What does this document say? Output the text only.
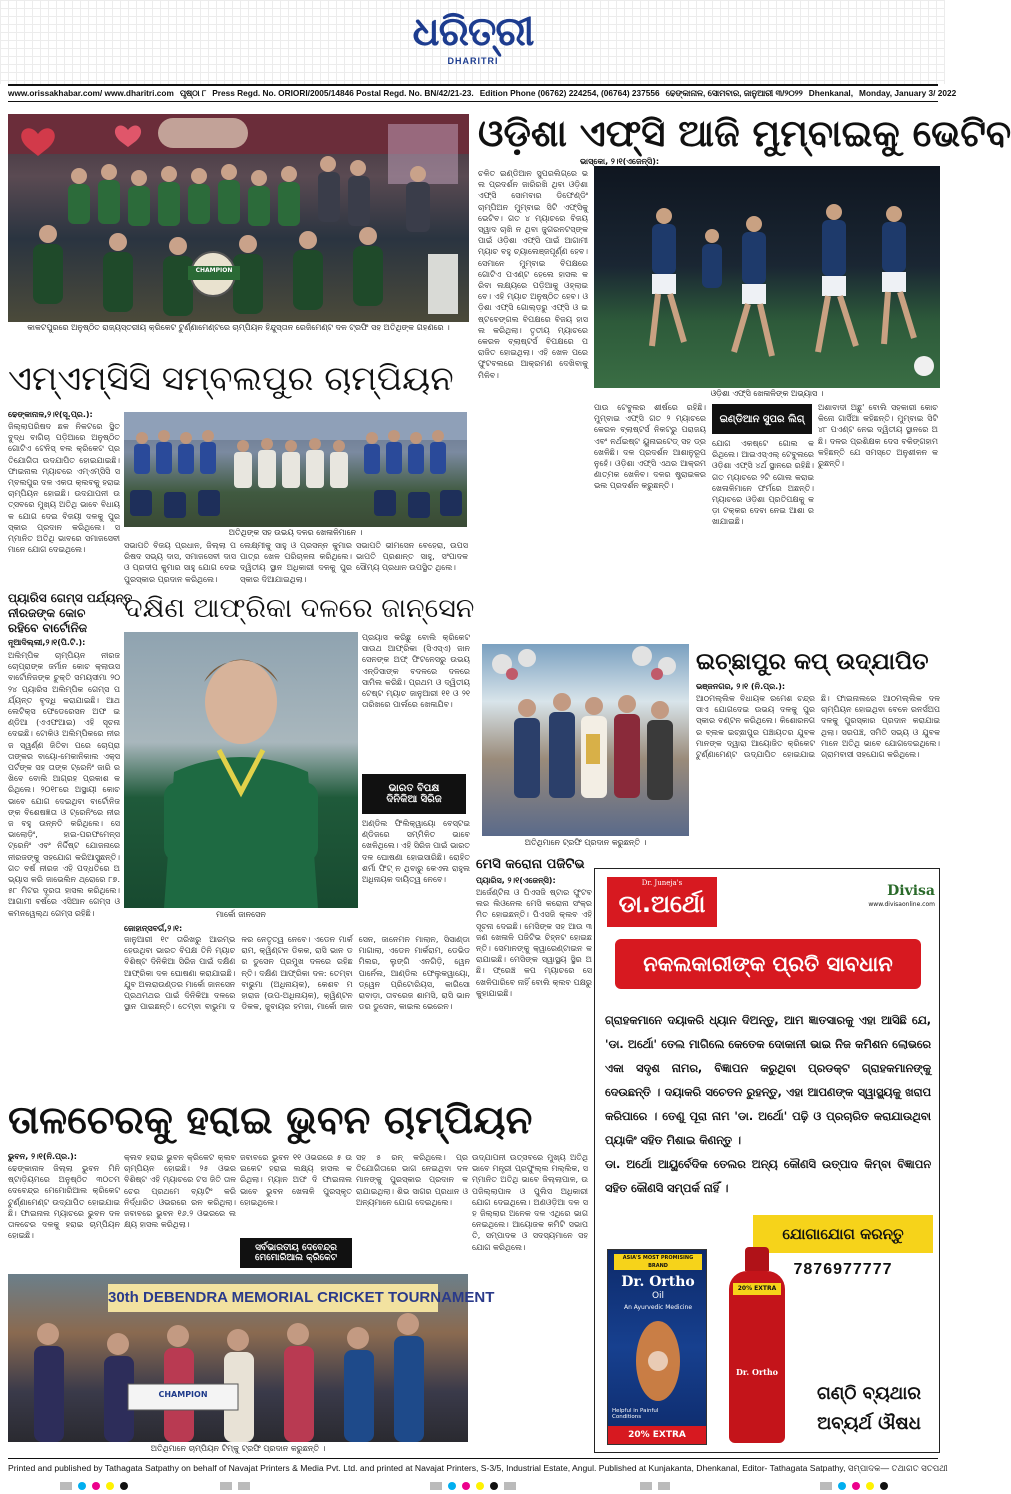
ଧରିତ୍ରୀ
DHARITRI
www.orissakhabar.com/ www.dharitri.com ପୃଷ୍ଠା ୮ Press Regd. No. ORIORI/2005/14846 Postal Regd. No. BN/42/21-23. Edition Phone (06762) 224254, (06764) 237556 ଢେଙ୍କାନାଳ, ସୋମବାର, ଜାନୁଆରୀ ୩/୨୦୨୨ Dhenkanal, Monday, January 3/ 2022
CHAMPION
କାକଟପୁରରେ ଅନୁଷ୍ଠିତ ରାଜ୍ୟସ୍ତରୀୟ କ୍ରିକେଟ ଟୁର୍ଣ୍ଣାମେଣ୍ଟରେ ଚାମ୍ପିୟନ ହିନ୍ଦୁସ୍ତାନ ରେଜିମେଣ୍ଟ ଦଳ ଟ୍ରଫି ସହ ଅତିଥିଙ୍କ ଗହଣରେ ।
ଓଡ଼ିଶା ଏଫ୍‌ସି ଆଜି ମୁମ୍ବାଇକୁ ଭେଟିବ
ଭାସ୍କୋ, ୨।୧(ଏଜେନ୍ସି):
ଚଳିତ ଇଣ୍ଡିଆନ ସୁପରଲିଗ୍‌ରେ ଭଲ ପ୍ରଦର୍ଶନ ଜାରିରଖି ଥିବା ଓଡ଼ିଶା ଏଫ୍‌ସି ସୋମବାର ଡିଫେଣ୍ଡିଂ ଚାମ୍ପିଅନ ମୁମ୍ବାଇ ସିଟି ଏଫ୍‌ସିକୁ ଭେଟିବ। ଗତ ୪ ମ୍ୟାଚରେ ବିଜୟ ସ୍ୱାଦ ଚାଖି ନ ଥିବା ଜୁଗରନଟସ୍‌ଙ୍କ ପାଇଁ ଓଡ଼ିଶା ଏଫ୍‌ସି ପାଇଁ ଆଗାମୀ ମ୍ୟାଚ ବହୁ ଚ୍ୟାଲେଞ୍ଜପୂର୍ଣ୍ଣ ହେବ। ସେମାନେ ମୁମ୍ବାଇ ବିପକ୍ଷରେ ଗୋଟିଏ ପଏଣ୍ଟ ହେଲେ ହାସଲ କରିବା ଲକ୍ଷ୍ୟରେ ପଡ଼ିଆକୁ ଓହ୍ଲାଇବେ। ଏହି ମ୍ୟାଚ ଅନୁଷ୍ଠିତ ହେବ। ଓଡ଼ିଶା ଏଫ୍‌ସି ଗୋଲ୍ଡ଼ରୁ ଏଫ୍‌ସି ଓ ଇଷ୍ଟବେଙ୍ଗଲ ବିପକ୍ଷରେ ବିଜୟ ହାସଲ କରିଥିଲା। ତୃତୀୟ ମ୍ୟାଚରେ କେରଳ ବ୍ଲାଷ୍ଟର୍ସ ବିପକ୍ଷରେ ପରାଜିତ ହୋଇଥିଲା। ଏହି ଖେଳ ପରେ ଫୁଟବଲରେ ଆକ୍ରମଣ ଦେଖିବାକୁ ମିଳିବ।
ଓଡ଼ିଶା ଏଫ୍‌ସି ଖେଳାଳିଙ୍କ ଅଭ୍ୟାସ ।
ପାଉ ଟେବୁଲର ଶୀର୍ଷରେ ରହିଛି। ମୁମ୍ବାଇ ଏଫ୍‌ସି ଗତ ୨ ମ୍ୟାଚରେ କେରଳ ବ୍ଲାଷ୍ଟର୍ସ ନିକଟରୁ ପରାଜୟ ଏବଂ ନର୍ଥଇଷ୍ଟ ୟୁନାଇଟେଡ୍ ସହ ଡ୍ର ଖେଳିଛି। ଦଳ ପ୍ରଦର୍ଶନ ଆଶାନୁରୂପ ନୁହେଁ। ଓଡ଼ିଶା ଏଫ୍‌ସି ଏଥର ଆକ୍ରମଣାତ୍ମକ ଖେଳିବ। ଦଳର ଷ୍ଟ୍ରାଇକର ଭଲ ପ୍ରଦର୍ଶନ କରୁଛନ୍ତି।
ଇଣ୍ଡିଆନ ସୁପର ଲିଗ୍
ଯୋଗ ଏକଷ୍ଟେ ଗୋଲ କରିଥିଲେ। ଆଇଏସ୍‌ଏଲ୍ ଟେବୁଲରେ ଓଡ଼ିଶା ଏଫ୍‌ସି ୪ର୍ଥ ସ୍ଥାନରେ ରହିଛି। ଗତ ମ୍ୟାଚରେ ୨ଟି ଗୋଲ କରାଇ ଖେଳାଳିମାନେ ଫର୍ମରେ ଅଛନ୍ତି। ମ୍ୟାଚରେ ଓଡ଼ିଶା ପ୍ରତିପକ୍ଷକୁ କଡ଼ା ଟକ୍କର ଦେବା ନେଇ ଆଶା ରଖାଯାଇଛି।
ଅଶାବାଦୀ ଅଛୁ' ବୋଲି ସହକାରୀ କୋଚ କିନୋ ଗାର୍ସିଆ କହିଛନ୍ତି। ମୁମ୍ବାଇ ସିଟି ୪୮ ପଏଣ୍ଟ ନେଇ ଦ୍ୱିତୀୟ ସ୍ଥାନରେ ଅଛି। ଦଳର ପ୍ରଶିକ୍ଷକ ଦେସ ବକିଙ୍ଗହାମ କହିଛନ୍ତି ଯେ ସମସ୍ତେ ଅନୁଶୀଳନ କରୁଛନ୍ତି।
ଏମ୍‌ଏମ୍‌ସିସି ସମ୍ବଲପୁର ଚାମ୍ପିୟନ
ଢେଙ୍କାନାଳ,୨।୧(ସୂ.ପ୍ର.):
ଜିଲ୍ଲାପରିଷଦ ଛକ ନିକଟରେ ସ୍ଥିତ ବୁଦ୍ଧ ବାଗିଚା ପଡ଼ିଆରେ ଅନୁଷ୍ଠିତ ଗୋଟିଏ ଟେନିସ୍ ବଲ କ୍ରିକେଟ ପ୍ରତିଯୋଗିତା ଉଦଯାପିତ ହୋଇଯାଇଛି। ଫାଇନାଲ ମ୍ୟାଚରେ ଏମ୍‌ଏମ୍‌ସିସି ସମ୍ବଲପୁର ଦଳ ଏକତା କ୍ଲବକୁ ହରାଇ ଚାମ୍ପିୟନ ହୋଇଛି। ଉଦଯାପନୀ ଉତ୍ସବରେ ମୁଖ୍ୟ ଅତିଥି ଭାବେ ବିଧାୟକ ଯୋଗ ଦେଇ ବିଜୟୀ ଦଳକୁ ପୁରସ୍କାର ପ୍ରଦାନ କରିଥିଲେ। ସମ୍ମାନିତ ଅତିଥି ଭାବରେ ସମାଜସେବୀ ମାନେ ଯୋଗ ଦେଇଥିଲେ।
ଅତିଥିଙ୍କ ସହ ଉଭୟ ଦଳର ଖେଳାଳିମାନେ ।
ସଭାପତି ବିଜୟ ପ୍ରଧାନ, ଜିଲ୍ଲା ପରିଷଦ ସଭ୍ୟ ଦାସ, ସମାଜସେବୀ ଦାସ ଓ ପ୍ରଦୀପ କୁମାର ସାହୁ ଯୋଗ ଦେଇ ପୁରସ୍କାର ପ୍ରଦାନ କରିଥିଲେ।
ଲେକ୍ଷ୍ମୀକୁ ସାହୁ ଓ ପ୍ରସନ୍ନ କୁମାର ପାତ୍ର ଖେଳ ପରିଚାଳନା କରିଥିଲେ। ଦ୍ୱିତୀୟ ସ୍ଥାନ ଅଧିକାରୀ ଦଳକୁ ପୁରସ୍କାର ଦିଆଯାଇଥିଲା।
ସଭାପତି ଭୀମସେନ ବେହେରା, ଉପସଭାପତି ପ୍ରଶାନ୍ତ ସାହୁ, ସଂପାଦକ ସୌମ୍ୟ ପ୍ରଧାନ ଉପସ୍ଥିତ ଥିଲେ।
ପ୍ୟାରିସ ଗେମ୍ସ ପର୍ଯ୍ୟନ୍ତ
ନୀରଜଙ୍କ କୋଚ
ରହିବେ ବାର୍ଟୋନିଜ
ନୂଆଦିଲ୍ଲୀ,୨।୧(ପି.ଟି.):
ଅଲିମ୍ପିକ ଚାମ୍ପିୟନ ନୀରଜ ଚୋପ୍ରାଙ୍କ ଜର୍ମାନ କୋଚ କ୍ଲାଉସ ବାର୍ଟୋନିଜଙ୍କ ଚୁକ୍ତି ସମୟସୀମା ୨୦୨୪ ପ୍ୟାରିସ ଅଲିମ୍ପିକ ଗେମ୍ସ ପର୍ଯ୍ୟନ୍ତ ବୃଦ୍ଧି କରାଯାଇଛି। ଆଥଲେଟିକ୍ସ ଫେଡେରେସନ ଅଫ ଇଣ୍ଡିଆ (ଏଏଫଆଇ) ଏହି ସୂଚନା ଦେଇଛି। ଟୋକିଓ ଅଲିମ୍ପିକରେ ନୀରଜ ସ୍ୱର୍ଣ୍ଣ ଜିତିବା ପରେ ଚୋପ୍ରା ତାଙ୍କର ବାୟୋ-ମେକାନିକାଲ ଏକ୍ସପର୍ଟଙ୍କ ସହ ତାଙ୍କ ଟ୍ରେନିଂ ଜାରି ରଖିବେ ବୋଲି ଆଗ୍ରହ ପ୍ରକାଶ କରିଥିଲେ। ୨୦୧୮ରେ ଅସ୍ଥାୟୀ କୋଚ ଭାବେ ଯୋଗ ଦେଇଥିବା ବାର୍ଟୋନିଜଙ୍କ ବିଶେଷଜ୍ଞତା ଓ ଟ୍ରେନିଂରେ ନୀରଜ ବହୁ ଉନ୍ନତି କରିଥିଲେ। ସେ ଭାଲୋଡ଼ିଂ, ହାଇ-ପରଫମେନ୍ସ ଟ୍ରେନିଂ ଏବଂ ନିର୍ଦ୍ଦିଷ୍ଟ ଯୋଜନାରେ ନୀରଜଙ୍କୁ ସହଯୋଗ କରିଆସୁଛନ୍ତି। ଗତ ବର୍ଷ ନୀରଜ ଏହି ପଦ୍ଧତିରେ ଅଭ୍ୟାସ କରି ଜାଭେଲିନ ଥ୍ରୋରେ ୮୭.୫୮ ମିଟର ଦୂରତା ହାସଲ କରିଥିଲେ। ଆଗାମୀ ବର୍ଷରେ ଏସିଆନ ଗେମ୍ସ ଓ କମନୱେଲ୍‌ଥ ଗେମ୍ସ ରହିଛି।
ଦକ୍ଷିଣ ଆଫ୍ରିକା ଦଳରେ ଜାନ୍‌ସେନ
ମାର୍କୋ ଜାନସେନ
ପ୍ରୟାସ କରିଛୁ ବୋଲି କ୍ରିକେଟ ସାଉଥ ଆଫ୍ରିକା (ସିଏସ୍‌ଏ) ଜାନସେନଙ୍କ ଅଫ୍ ଫିଟନେସରୁ ଉଭୟ ଏନ୍‌ଡିସାଙ୍କ ବଦଳରେ ଦଳରେ ସାମିଲ କରିଛି। ପ୍ରଥମ ଓ ଦ୍ୱିତୀୟ ଟେଷ୍ଟ ମ୍ୟାଚ ଜାନୁଆରୀ ୧୧ ଓ ୨୧ ତାରିଖରେ ପାର୍ଲରେ ଖେଳାଯିବ।
ଭାରତ ବିପକ୍ଷ
ଦିନିକିଆ ସିରିଜ
ଅଣ୍ଡିଲ ଫିଲିକ୍ୱାୟୋ ବେସ୍ଟଇଣ୍ଡିଜରେ ସମ୍ମିଳିତ ଭାବେ ଖେଳିଥିଲେ। ଏହି ସିରିଜ ପାଇଁ ଭାରତ ଦଳ ଘୋଷଣା ହୋଇସାରିଛି। ରୋହିତ ଶର୍ମା ଫିଟ୍ ନ ଥିବାରୁ କେଏଲ ରାହୁଲ ଅଧିନାୟକ ଦାୟିତ୍ୱ ନେବେ।
ଜୋହାନ୍ସବର୍ଗ,୨।୧:
ଜାନୁଆରୀ ୧୯ ତାରିଖରୁ ଆରମ୍ଭ ହେଉଥିବା ଭାରତ ବିପକ୍ଷ ତିନି ମ୍ୟାଚ ବିଶିଷ୍ଟ ଦିନିକିଆ ସିରିଜ ପାଇଁ ଦକ୍ଷିଣ ଆଫ୍ରିକା ଦଳ ଘୋଷଣା କରାଯାଇଛି। ଯୁବ ଅଲରାଉଣ୍ଡର ମାର୍କୋ ଜାନସେନ ପ୍ରଥମଥର ପାଇଁ ଦିନିକିଆ ଦଳରେ ସ୍ଥାନ ପାଇଛନ୍ତି। ତେମ୍ବା ବାଭୁମା ଦଳର ନେତୃତ୍ୱ ନେବେ। ଏଡେନ ମାର୍କରାମ, କ୍ୱିଣ୍ଟନ ଡିକକ, ରାସି ଭାନ ଡର ଡୁସେନ ପ୍ରମୁଖ ଦଳରେ ରହିଛନ୍ତି। ଦକ୍ଷିଣ ଆଫ୍ରିକା ଦଳ: ତେମ୍ବା ବାଭୁମା (ଅଧିନାୟକ), କେଶବ ମହାରାଜ (ଉପ-ଅଧିନାୟକ), କ୍ୱିଣ୍ଟନ ଡିକକ, ଜୁବାୟର ହମଜା, ମାର୍କୋ ଜାନସେନ, ଜାନେମନ ମାଲାନ, ସିସାଣ୍ଡା ମାଗାଲା, ଏଡେନ ମାର୍କରାମ, ଡେଭିଡ ମିଲର, ଲୁଙ୍ଗି ଏନଗିଡ଼ି, ୱେନ ପାର୍ନେଲ, ଆଣ୍ଡିଲ ଫେଲୁକୱାୟୋ, ଡ୍ୱେନ ପ୍ରିଟୋରିୟସ, କାଗିସୋ ରାବାଡ଼ା, ତାବରେଜ ଶାମସି, ରାସି ଭାନ ଡର ଡୁସେନ, କାଇଲ ଭେରେନ।
ଅତିଥିମାନେ ଟ୍ରଫି ପ୍ରଦାନ କରୁଛନ୍ତି ।
ଇଚ୍ଛାପୁର କପ୍ ଉଦ୍ଯାପିତ
ଭଞ୍ଜନଗର, ୨।୧ (ନି.ପ୍ର.):
ଆଠମଲ୍ଲିକ ବିଧାୟକ ରମେଶ ଚନ୍ଦ୍ର ସାଏ ଯୋଗଦେଇ ଉଭୟ ଦଳକୁ ପୁରସ୍କାର ବଣ୍ଟନ କରିଥିଲେ। କିଶୋରନଗର ବ୍ଲକ ଇଚ୍ଛାପୁର ପଞ୍ଚାୟତର ଯୁବକମାନଙ୍କ ଦ୍ୱାରା ଆୟୋଜିତ କ୍ରିକେଟ ଟୁର୍ଣ୍ଣାମେଣ୍ଟ ଉଦ୍ଯାପିତ ହୋଇଯାଇଛି। ଫାଇନାଲରେ ଆଠମଲ୍ଲିକ ଦଳ ଚାମ୍ପିୟନ ହୋଇଥିବା ବେଳେ ରନର୍ସଅପ ଦଳକୁ ପୁରସ୍କାର ପ୍ରଦାନ କରାଯାଇଥିଲା। ସରପଞ୍ଚ, ସମିତି ସଭ୍ୟ ଓ ଯୁବକମାନେ ଅତିଥି ଭାବେ ଯୋଗଦେଇଥିଲେ। ଗ୍ରାମବାସୀ ସହଯୋଗ କରିଥିଲେ।
ମେସି କରୋନା ପଜିଟିଭ
ପ୍ୟାରିସ, ୨।୧(ଏଜେନ୍ସି):
ଅର୍ଜେଣ୍ଟିନା ଓ ପିଏସଜି ଷ୍ଟାର ଫୁଟବଲର ଲିଓନେଲ ମେସି କରୋନା ସଂକ୍ରମିତ ହୋଇଛନ୍ତି। ପିଏସଜି କ୍ଲବ ଏହି ସୂଚନା ଦେଇଛି। ମେସିଙ୍କ ସହ ଆଉ ୩ ଜଣ ଖେଳାଳି ପଜିଟିଭ ଚିହ୍ନଟ ହୋଇଛନ୍ତି। ସେମାନଙ୍କୁ କ୍ୱାରେଣ୍ଟାଇନ କରାଯାଇଛି। ମେସିଙ୍କ ସ୍ୱାସ୍ଥ୍ୟ ସ୍ଥିର ଅଛି। ଫ୍ରେଞ୍ଚ କପ ମ୍ୟାଚରେ ସେ ଖେଳିପାରିବେ ନାହିଁ ବୋଲି କ୍ଲବ ପକ୍ଷରୁ କୁହାଯାଇଛି।
Dr. Juneja's
ଡା.ଅର୍ଥୋ	Divisa
www.divisaonline.com
ନକଲକାରୀଙ୍କ ପ୍ରତି ସାବଧାନ
ଗ୍ରାହକମାନେ ଦୟାକରି ଧ୍ୟାନ ଦିଅନ୍ତୁ, ଆମ ଜ୍ଞାତସାରକୁ ଏହା ଆସିଛି ଯେ, 'ଡା. ଅର୍ଥୋ' ତେଲ ମାଗିଲେ କେତେକ ଦୋକାନୀ ଭାଇ ନିଜ କମିଶନ ଲୋଭରେ ଏକା ସଦୃଶ ନାମର, ବିଜ୍ଞାପନ କରୁଥିବା ପ୍ରଡକ୍ଟ ଗ୍ରାହକମାନଙ୍କୁ ଦେଉଛନ୍ତି । ଦୟାକରି ସଚେତନ ରୁହନ୍ତୁ, ଏହା ଆପଣଙ୍କ ସ୍ୱାସ୍ଥ୍ୟକୁ ଖରାପ କରିପାରେ । ତେଣୁ ପୂରା ନାମ 'ଡା. ଅର୍ଥୋ' ପଢ଼ି ଓ ପ୍ରଚାରିତ କରାଯାଉଥିବା ପ୍ୟାକିଂ ସହିତ ମିଶାଇ କିଣନ୍ତୁ ।
ଡା. ଅର୍ଥୋ ଆୟୁର୍ବେଦିକ ତେଲର ଅନ୍ୟ କୌଣସି ଉତ୍ପାଦ କିମ୍ବା ବିଜ୍ଞାପନ ସହିତ କୌଣସି ସମ୍ପର୍କ ନାହିଁ ।
ଯୋଗାଯୋଗ କରନ୍ତୁ
7876977777
ASIA'S MOST PROMISING BRAND
Dr. Ortho
Oil
An Ayurvedic Medicine
Helpful in Painful Conditions
20% EXTRA
20% EXTRA
Dr. Ortho
ଗଣ୍ଠି ବ୍ୟଥାର
ଅବ୍ୟର୍ଥ ଔଷଧ
ତାଳଚେରକୁ ହରାଇ ଭୁବନ ଚାମ୍ପିୟନ
ଭୁବନ, ୨।୧(ନି.ପ୍ର.):
ଢେଙ୍କାନାଳ ଜିଲ୍ଲା ଭୁବନ ମିନି ଷ୍ଟାଡ଼ିୟମରେ ଅନୁଷ୍ଠିତ ୩୦ତମ ଦେବେନ୍ଦ୍ର ମେମୋରିଆଲ କ୍ରିକେଟ ଟୁର୍ଣ୍ଣାମେଣ୍ଟ ଉଦ୍ଯାପିତ ହୋଇଯାଇଛି। ଫାଇନାଲ ମ୍ୟାଚରେ ଭୁବନ ଦଳ ତାଳଚେର ଦଳକୁ ହରାଇ ଚାମ୍ପିୟନ ହୋଇଛି।
କ୍ଲବ ହରାଇ ଭୁବନ କ୍ରିକେଟ କ୍ଲବ ଚାମ୍ପିୟନ ହୋଇଛି। ୨୫ ଓଭରବିଶିଷ୍ଟ ଏହି ମ୍ୟାଚରେ ଟସ ଜିତି ତାଳଚେର ପ୍ରଥମେ ବ୍ୟାଟିଂ କରି ନିର୍ଦ୍ଧାରିତ ଓଭରରେ ରନ କରିଥିଲା। ଜବାବରେ ଭୁବନ ୧୬.୨ ଓଭରରେ ଲକ୍ଷ୍ୟ ହାସଲ କରିଥିଲା।
ଜବାବରେ ଭୁବନ ୧୧ ଓଭରରେ ୫ ଉଇକେଟ ହରାଇ ଲକ୍ଷ୍ୟ ହାସଲ କରିଥିଲା। ମ୍ୟାନ ଅଫ ଦି ଫାଇନାଲ ଭାବେ ଭୁବନ ଖେଳାଳି ପୁରସ୍କୃତ ହୋଇଥିଲେ।
ସର୍ବଭାରତୀୟ ଦେବେନ୍ଦ୍ର
ମେମୋରିଆଲ କ୍ରିକେଟ
ସହ ୫ ରନ୍ କରିଥିଲେ। ପ୍ରତିଯୋଗିତାରେ ଭାଗ ନେଇଥିବା ଦଳମାନଙ୍କୁ ପୁରସ୍କାର ପ୍ରଦାନ କରାଯାଇଥିଲା। ଶିଭ ସାଗର ପ୍ରଧାନ ଓ ଅନ୍ୟମାନେ ଯୋଗ ଦେଇଥିଲେ।
ଉଦ୍ଯାପନୀ ଉତ୍ସବରେ ମୁଖ୍ୟ ଅତିଥି ଭାବେ ମନ୍ତ୍ରୀ ପ୍ରଫୁଲ୍ଲ ମଲ୍ଲିକ, ସମ୍ମାନିତ ଅତିଥି ଭାବେ ଜିଲ୍ଲାପାଳ, ଉପଜିଲ୍ଲାପାଳ ଓ ପୁଲିସ ଅଧିକାରୀ ଯୋଗ ଦେଇଥିଲେ। ଅଣଓଡ଼ିଆ ଦଳ ସହ ଜିଲ୍ଲାର ଅନେକ ଦଳ ଏଥିରେ ଭାଗ ନେଇଥିଲେ। ଆୟୋଜକ କମିଟି ସଭାପତି, ସମ୍ପାଦକ ଓ ସଦସ୍ୟମାନେ ସହଯୋଗ କରିଥିଲେ।
30th DEBENDRA MEMORIAL CRICKET TOURNAMENT
CHAMPION
ଅତିଥିମାନେ ଚାମ୍ପିୟନ ଟିମ୍‌କୁ ଟ୍ରଫି ପ୍ରଦାନ କରୁଛନ୍ତି ।
Printed and published by Tathagata Satpathy on behalf of Navajat Printers & Media Pvt. Ltd. and printed at Navajat Printers, S-3/5, Industrial Estate, Angul. Published at Kunjakanta, Dhenkanal, Editor- Tathagata Satpathy, ସମ୍ପାଦକ— ତଥାଗତ ସତପଥୀ
